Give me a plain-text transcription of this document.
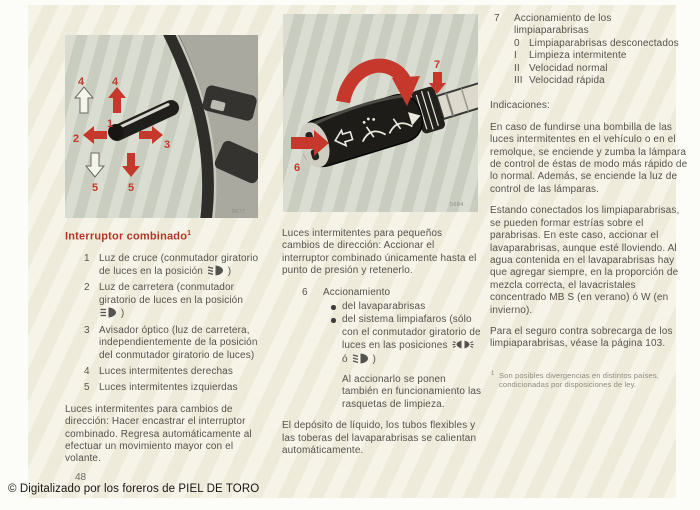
4	4
1
2	3
5	5
9677
6
7
5684
Interruptor combinado$^1$
1 Luz de cruce (conmutador giratorio de luces en la posición )
2 Luz de carretera (conmutador giratorio de luces en la posición  )
3 Avisador óptico (luz de carretera, independientemente de la posición del conmutador giratorio de luces)
4 Luces intermitentes derechas
5 Luces intermitentes izquierdas
Luces intermitentes para cambios de dirección: Hacer encastrar el interruptor combinado. Regresa automáticamente al efectuar un movimiento mayor con el volante.
Luces intermitentes para pequeños cambios de dirección: Accionar el interruptor combinado únicamente hasta el punto de presión y retenerlo.
6 Accionamiento
del lavaparabrisas
del sistema limpiafaros (sólo con el conmutador giratorio de luces en las posiciones  ó )
Al accionarlo se ponen también en funcionamiento las rasquetas de limpieza.
El depósito de líquido, los tubos flexibles y las toberas del lavaparabrisas se calientan automáticamente.
7 Accionamiento de los limpiaparabrisas
0 Limpiaparabrisas desconectados
I Limpieza intermitente
II Velocidad normal
III Velocidad rápida
Indicaciones:
En caso de fundirse una bombilla de las luces intermitentes en el vehículo o en el remolque, se enciende y zumba la lámpara de control de éstas de modo más rápido de lo normal. Además, se enciende la luz de control de las lámparas.
Estando conectados los limpiaparabrisas, se pueden formar estrías sobre el parabrisas. En este caso, accionar el lavaparabrisas, aunque esté lloviendo. Al agua contenida en el lavaparabrisas hay que agregar siempre, en la proporción de mezcla correcta, el lavacristales concentrado MB S (en verano) ó W (en invierno).
Para el seguro contra sobrecarga de los limpiaparabrisas, véase la página 103.
1 Son posibles divergencias en distintos países, condicionadas por disposiciones de ley.
48
© Digitalizado por los foreros de PIEL DE TORO
